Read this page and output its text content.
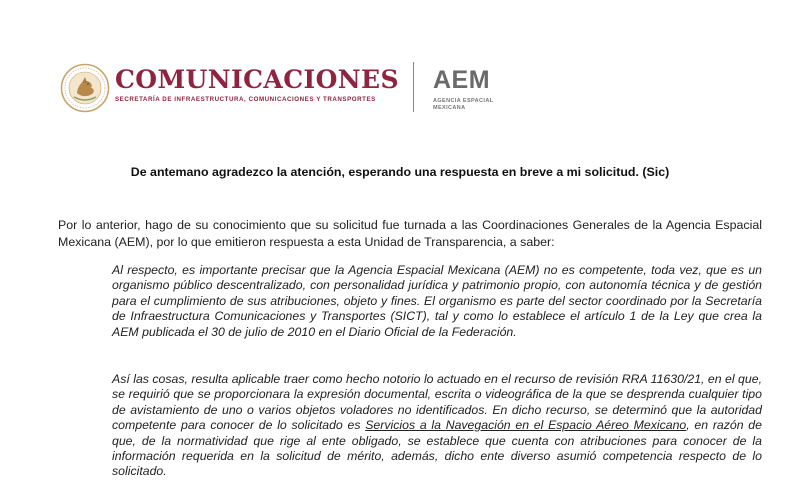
COMUNICACIONES
SECRETARÍA DE INFRAESTRUCTURA, COMUNICACIONES Y TRANSPORTES
AEM
AGENCIA ESPACIAL
MEXICANA
De antemano agradezco la atención, esperando una respuesta en breve a mi solicitud. (Sic)
Por lo anterior, hago de su conocimiento que su solicitud fue turnada a las Coordinaciones Generales de la Agencia Espacial Mexicana (AEM), por lo que emitieron respuesta a esta Unidad de Transparencia, a saber:

Al respecto, es importante precisar que la Agencia Espacial Mexicana (AEM) no es competente, toda vez, que es un organismo público descentralizado, con personalidad jurídica y patrimonio propio, con autonomía técnica y de gestión para el cumplimiento de sus atribuciones, objeto y fines. El organismo es parte del sector coordinado por la Secretaría de Infraestructura Comunicaciones y Transportes (SICT), tal y como lo establece el artículo 1 de la Ley que crea la AEM publicada el 30 de julio de 2010 en el Diario Oficial de la Federación.

Así las cosas, resulta aplicable traer como hecho notorio lo actuado en el recurso de revisión RRA 11630/21, en el que, se requirió que se proporcionara la expresión documental, escrita o videográfica de la que se desprenda cualquier tipo de avistamiento de uno o varios objetos voladores no identificados. En dicho recurso, se determinó que la autoridad competente para conocer de lo solicitado es Servicios a la Navegación en el Espacio Aéreo Mexicano, en razón de que, de la normatividad que rige al ente obligado, se establece que cuenta con atribuciones para conocer de la información requerida en la solicitud de mérito, además, dicho ente diverso asumió competencia respecto de lo solicitado.
